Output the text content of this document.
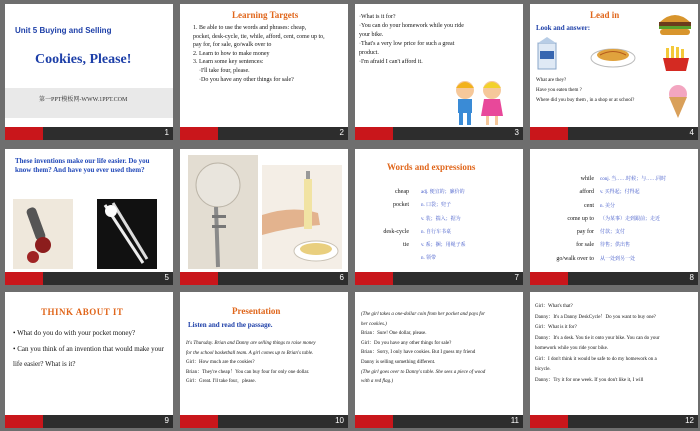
Unit 5 Buying and Selling
Cookies, Please!
第一PPT模板网-WWW.1PPT.COM
1
Learning Targets
1. Be able to use the words and phrases: cheap,
pocket, desk-cycle, tie, while, afford, cent, come up to,
pay for, for sale, go/walk over to
2. Learn to how to make money
3. Learn some key sentences:
·I'll take four, please.
·Do you have any other things for sale?
2
·What is it for?
·You can do your homework while you ride
your bike.
·That's a very low price for such a great
product.
·I'm afraid I can't afford it.
3
Lead in
Look and answer:
What are they?
Have you eaten them ?
Where did you buy them , in a shop or at school?
4
These inventions make our life easier. Do you know them? And have you ever used them?
5	6
Words and expressions
cheap
pocket

desk-cycle
tie

adj. 便宜的；廉价的
n. 口袋；兜子
v. 装；揣入；据为
n. 自行车书桌
v. 系；捆；用绳子系
n. 领带
7
while
afford
cent
come up to
pay for
for sale
go/walk over to
conj. 当……时候；与……同时
v. 买得起；付得起
n. 美分
（为某事）走到跟前；走近
付款；支付
待售；供出售
从一处到另一处
8
THINK ABOUT IT
• What do you do with your pocket money?
• Can you think of an invention that would make your life easier? What is it?
9
Presentation
Listen and read the passage.
It's Thursday. Brian and Danny are selling things to raise money
for the school basketball team. A girl comes up to Brian's table.
Girl：How much are the cookies?
Brian：They're cheap！You can buy four for only one dollar.
Girl：Great. I'll take four，please.
10
(The girl takes a one-dollar coin from her pocket and pays for
her cookies.)
Brian：Sure! One dollar, please.
Girl：Do you have any other things for sale?
Brian：Sorry, I only have cookies. But I guess my friend
Danny is selling something different.
(The girl goes over to Danny's table. She sees a piece of wood
with a red flag.)
11
Girl：What's that?
Danny：It's a Danny DeskCycle！Do you want to buy one?
Girl：What is it for?
Danny：It's a desk. You tie it onto your bike. You can do your
homework while you ride your bike.
Girl：I don't think it would be safe to do my homework on a
bicycle.
Danny：Try it for one week. If you don't like it, I will
12
